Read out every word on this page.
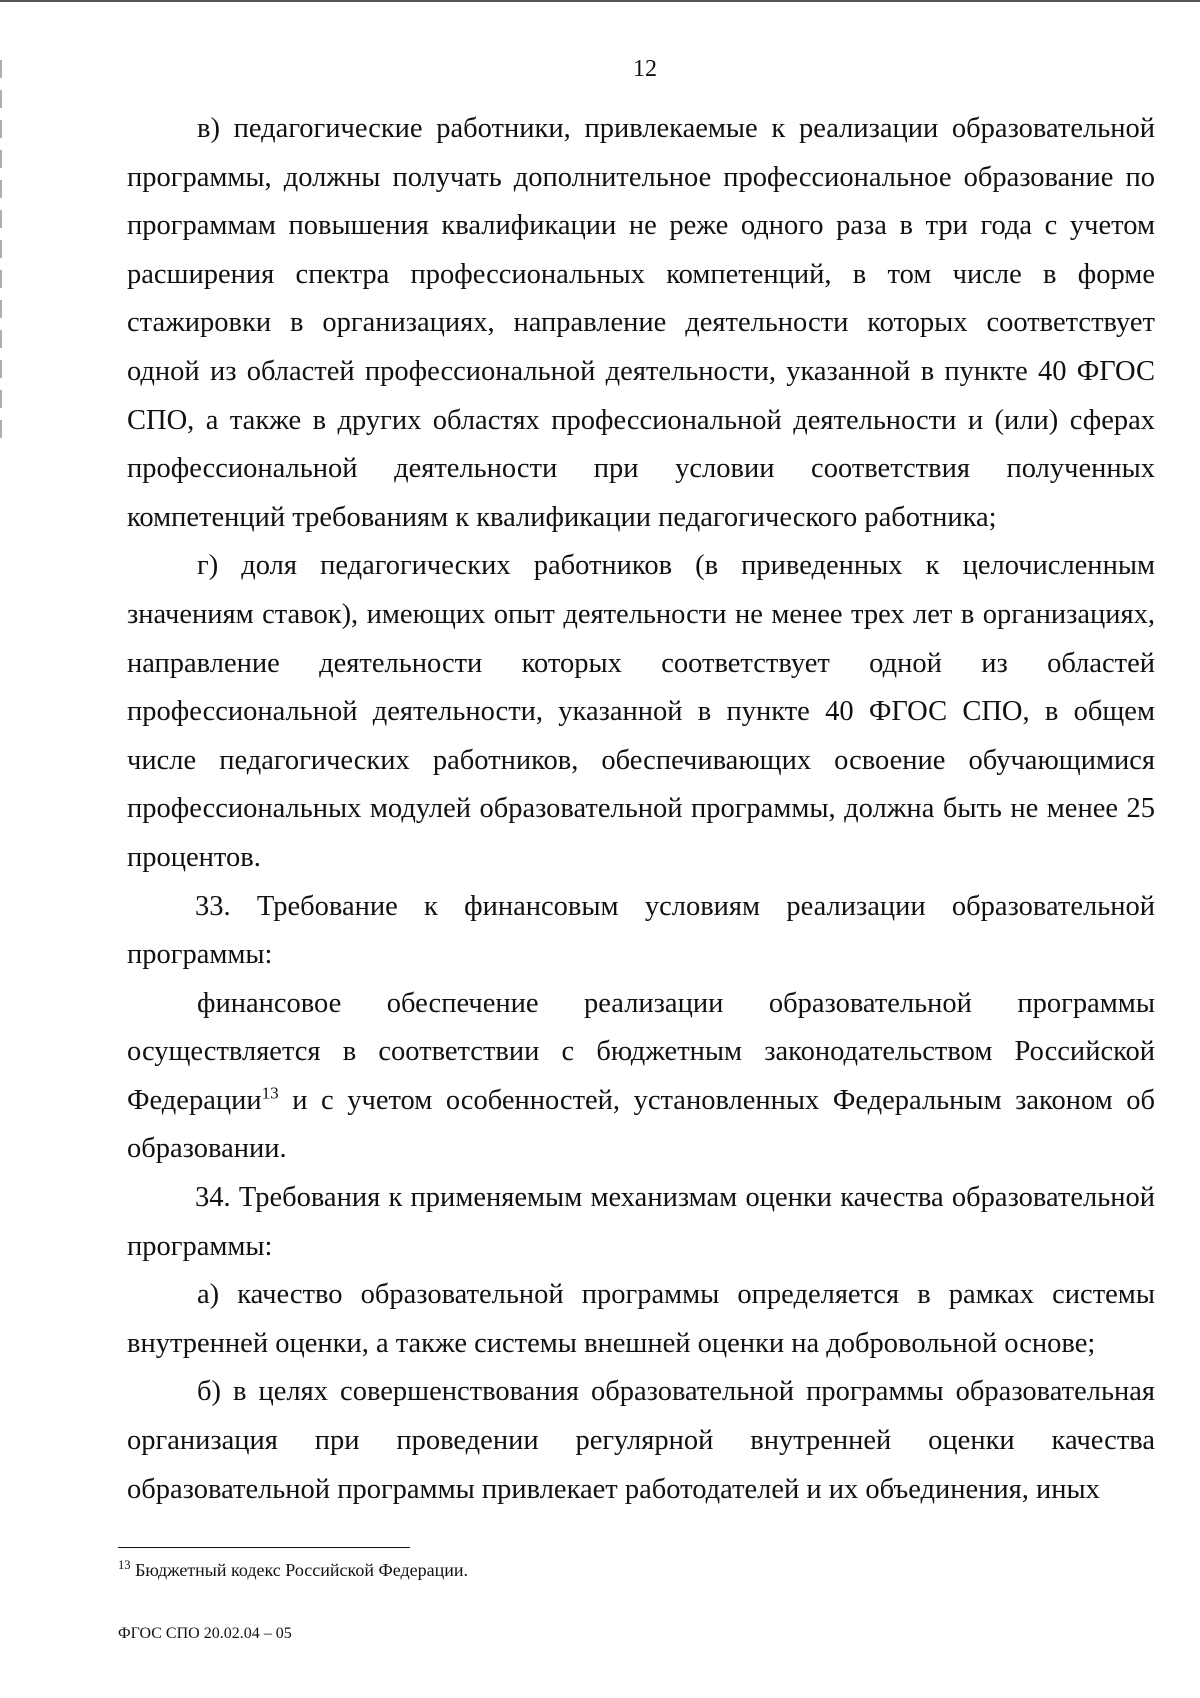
12

в) педагогические работники, привлекаемые к реализации образовательной программы, должны получать дополнительное профессиональное образование по программам повышения квалификации не реже одного раза в три года с учетом расширения спектра профессиональных компетенций, в том числе в форме стажировки в организациях, направление деятельности которых соответствует одной из областей профессиональной деятельности, указанной в пункте 40 ФГОС СПО, а также в других областях профессиональной деятельности и (или) сферах профессиональной деятельности при условии соответствия полученных компетенций требованиям к квалификации педагогического работника;

г) доля педагогических работников (в приведенных к целочисленным значениям ставок), имеющих опыт деятельности не менее трех лет в организациях, направление деятельности которых соответствует одной из областей профессиональной деятельности, указанной в пункте 40 ФГОС СПО, в общем числе педагогических работников, обеспечивающих освоение обучающимися профессиональных модулей образовательной программы, должна быть не менее 25 процентов.

33. Требование к финансовым условиям реализации образовательной программы:

финансовое обеспечение реализации образовательной программы осуществляется в соответствии с бюджетным законодательством Российской Федерации$^{13}$ и с учетом особенностей, установленных Федеральным законом об образовании.

34. Требования к применяемым механизмам оценки качества образовательной программы:

а) качество образовательной программы определяется в рамках системы внутренней оценки, а также системы внешней оценки на добровольной основе;

б) в целях совершенствования образовательной программы образовательная организация при проведении регулярной внутренней оценки качества образовательной программы привлекает работодателей и их объединения, иных

$^{13}$ Бюджетный кодекс Российской Федерации.
ФГОС СПО 20.02.04 – 05
